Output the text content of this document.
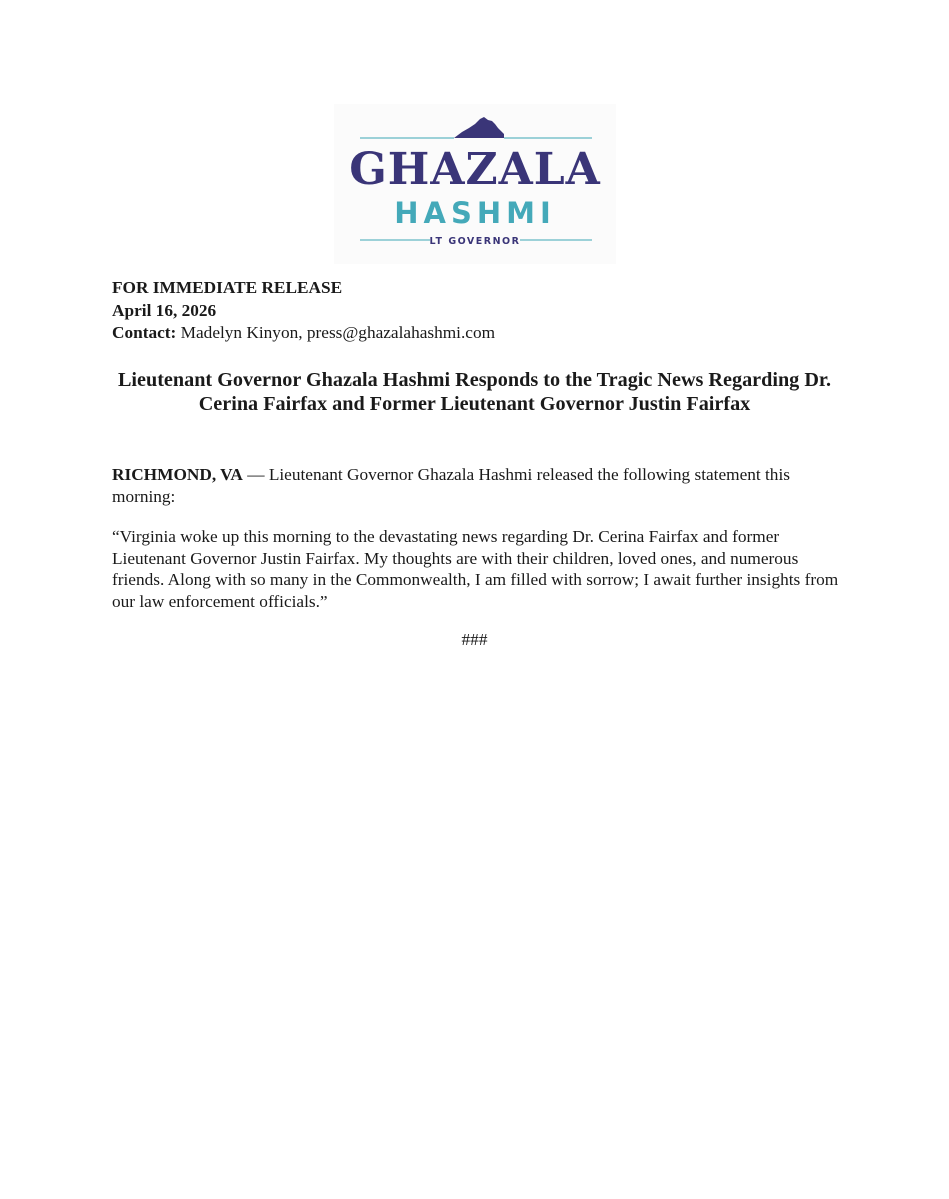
GHAZALA
HASHMI
LT GOVERNOR
FOR IMMEDIATE RELEASE
April 16, 2026
Contact: Madelyn Kinyon, press@ghazalahashmi.com
Lieutenant Governor Ghazala Hashmi Responds to the Tragic News Regarding Dr. Cerina Fairfax and Former Lieutenant Governor Justin Fairfax
RICHMOND, VA — Lieutenant Governor Ghazala Hashmi released the following statement this morning:
“Virginia woke up this morning to the devastating news regarding Dr. Cerina Fairfax and former Lieutenant Governor Justin Fairfax. My thoughts are with their children, loved ones, and numerous friends. Along with so many in the Commonwealth, I am filled with sorrow; I await further insights from our law enforcement officials.”
###
